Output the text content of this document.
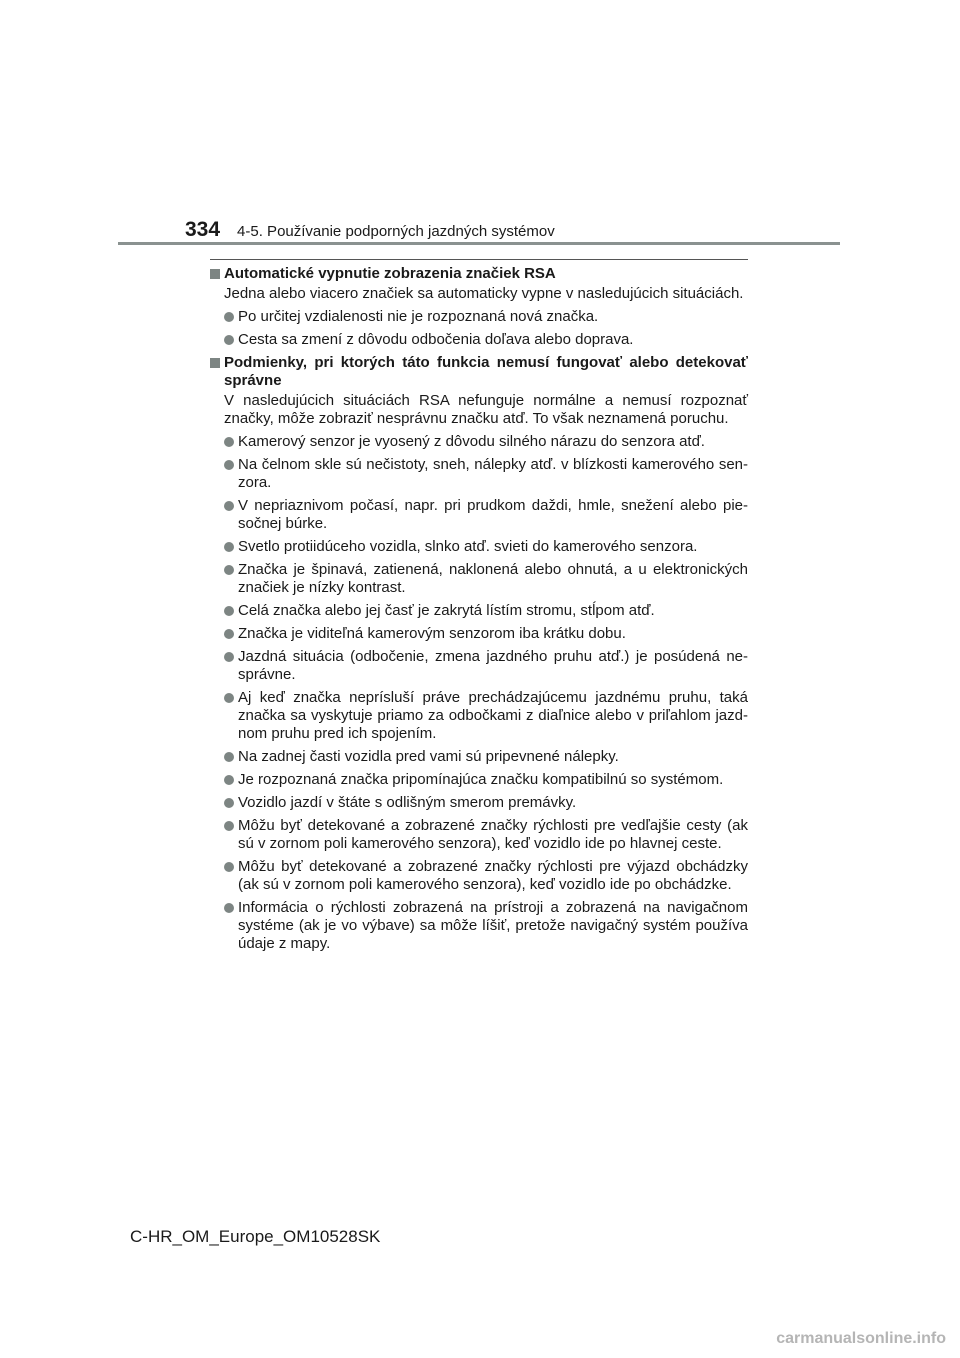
334 4-5. Používanie podporných jazdných systémov
Automatické vypnutie zobrazenia značiek RSA
Jedna alebo viacero značiek sa automaticky vypne v nasledujúcich situáciách.
Po určitej vzdialenosti nie je rozpoznaná nová značka.
Cesta sa zmení z dôvodu odbočenia doľava alebo doprava.
Podmienky, pri ktorých táto funkcia nemusí fungovať alebo detekovať správne
V nasledujúcich situáciách RSA nefunguje normálne a nemusí rozpoznať značky, môže zobraziť nesprávnu značku atď. To však neznamená poruchu.
Kamerový senzor je vyosený z dôvodu silného nárazu do senzora atď.
Na čelnom skle sú nečistoty, sneh, nálepky atď. v blízkosti kamerového sen-zora.
V nepriaznivom počasí, napr. pri prudkom daždi, hmle, snežení alebo pie-sočnej búrke.
Svetlo protiidúceho vozidla, slnko atď. svieti do kamerového senzora.
Značka je špinavá, zatienená, naklonená alebo ohnutá, a u elektronických značiek je nízky kontrast.
Celá značka alebo jej časť je zakrytá lístím stromu, stĺpom atď.
Značka je viditeľná kamerovým senzorom iba krátku dobu.
Jazdná situácia (odbočenie, zmena jazdného pruhu atď.) je posúdená ne-správne.
Aj keď značka neprísluší práve prechádzajúcemu jazdnému pruhu, taká značka sa vyskytuje priamo za odbočkami z diaľnice alebo v priľahlom jazd-nom pruhu pred ich spojením.
Na zadnej časti vozidla pred vami sú pripevnené nálepky.
Je rozpoznaná značka pripomínajúca značku kompatibilnú so systémom.
Vozidlo jazdí v štáte s odlišným smerom premávky.
Môžu byť detekované a zobrazené značky rýchlosti pre vedľajšie cesty (ak sú v zornom poli kamerového senzora), keď vozidlo ide po hlavnej ceste.
Môžu byť detekované a zobrazené značky rýchlosti pre výjazd obchádzky (ak sú v zornom poli kamerového senzora), keď vozidlo ide po obchádzke.
Informácia o rýchlosti zobrazená na prístroji a zobrazená na navigačnom systéme (ak je vo výbave) sa môže líšiť, pretože navigačný systém používa údaje z mapy.
C-HR_OM_Europe_OM10528SK
carmanualsonline.info
